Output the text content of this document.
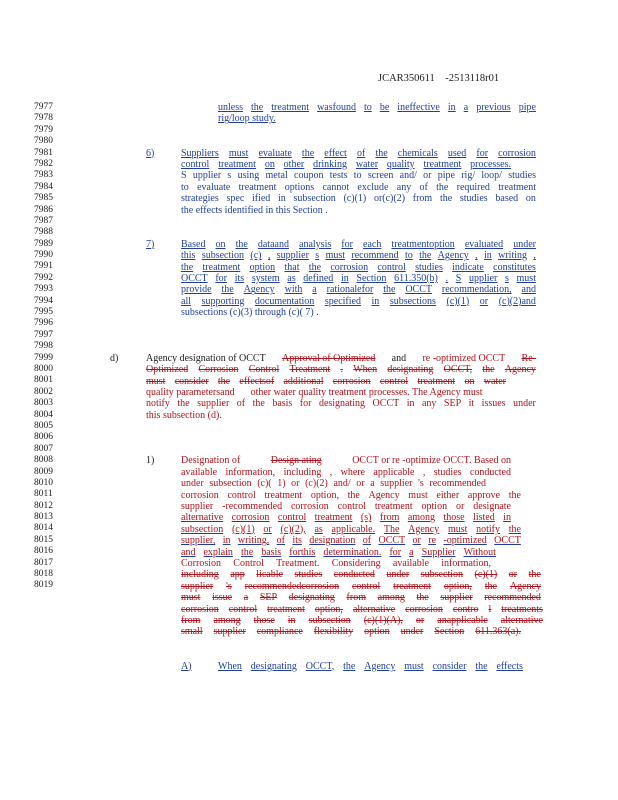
JCAR350611    -2513118r01
7977
7978
7979
7980
7981
7982
7983
7984
7985
7986
7987
7988
7989
7990
7991
7992
7993
7994
7995
7996
7997
7998
7999
8000
8001
8002
8003
8004
8005
8006
8007
8008
8009
8010
8011
8012
8013
8014
8015
8016
8017
8018
8019
unless the treatment wasfound to be ineffective in a previous pipe
rig/loop study.
6)	Suppliers must evaluate the effect of the chemicals used for corrosion
control treatment on other drinking water quality treatment processes.
S upplier s using metal coupon tests to screen and/ or pipe rig/ loop/ studies
to evaluate treatment options cannot exclude any of the required treatment
strategies spec ified in subsection (c)(1) or(c)(2) from the studies based on
the effects identified in this Section .
7)	Based on the dataand analysis for each treatmentoption evaluated under
this subsection (c) , supplier s must recommend to the Agency , in writing ,
the treatment option that the corrosion control studies indicate constitutes
OCCT for its system as defined in Section 611.350(b) . S upplier s must
provide the Agency with a rationalefor the OCCT recommendation, and
all supporting documentation specified in subsections (c)(1) or (c)(2)and
subsections (c)(3) through (c)( 7) .
d)	Agency designation of OCCT Approval of Optimized and re -optimized OCCT Re-
Optimized Corrosion Control Treatment . When designating OCCT, the Agency
must consider the effectsof additional corrosion control treatment on water
quality parametersand other water quality treatment processes. The Agency must
notify the supplier of the basis for designating OCCT in any SEP it issues under
this subsection (d).
1)	Designation of	Design ating	OCCT or re -optimize OCCT. Based on
available information, including , where applicable , studies conducted
under subsection (c)( 1) or (c)(2) and/ or a supplier 's recommended
corrosion control treatment option, the Agency must either approve the
supplier -recommended corrosion control treatment option or designate
alternative corrosion control treatment (s) from among those listed in
subsection (c)(1) or (c)(2), as applicable. The Agency must notify the
supplier, in writing, of its designation of OCCT or re -optimized OCCT
and explain the basis forthis determination. for a Supplier Without
Corrosion Control Treatment. Considering available information,
including app licable studies conducted under subsection (c)(1) or the
supplier 's recommendedcorrosion control treatment option, the Agency
must issue a SEP designating from among the supplier recommended
corrosion control treatment option, alternative corrosion contro l treatments
from among those in subsection (c)(1)(A), or anapplicable alternative
small supplier compliance flexibility option under Section 611.363(a).
A)	When designating OCCT, the Agency must consider the effects
